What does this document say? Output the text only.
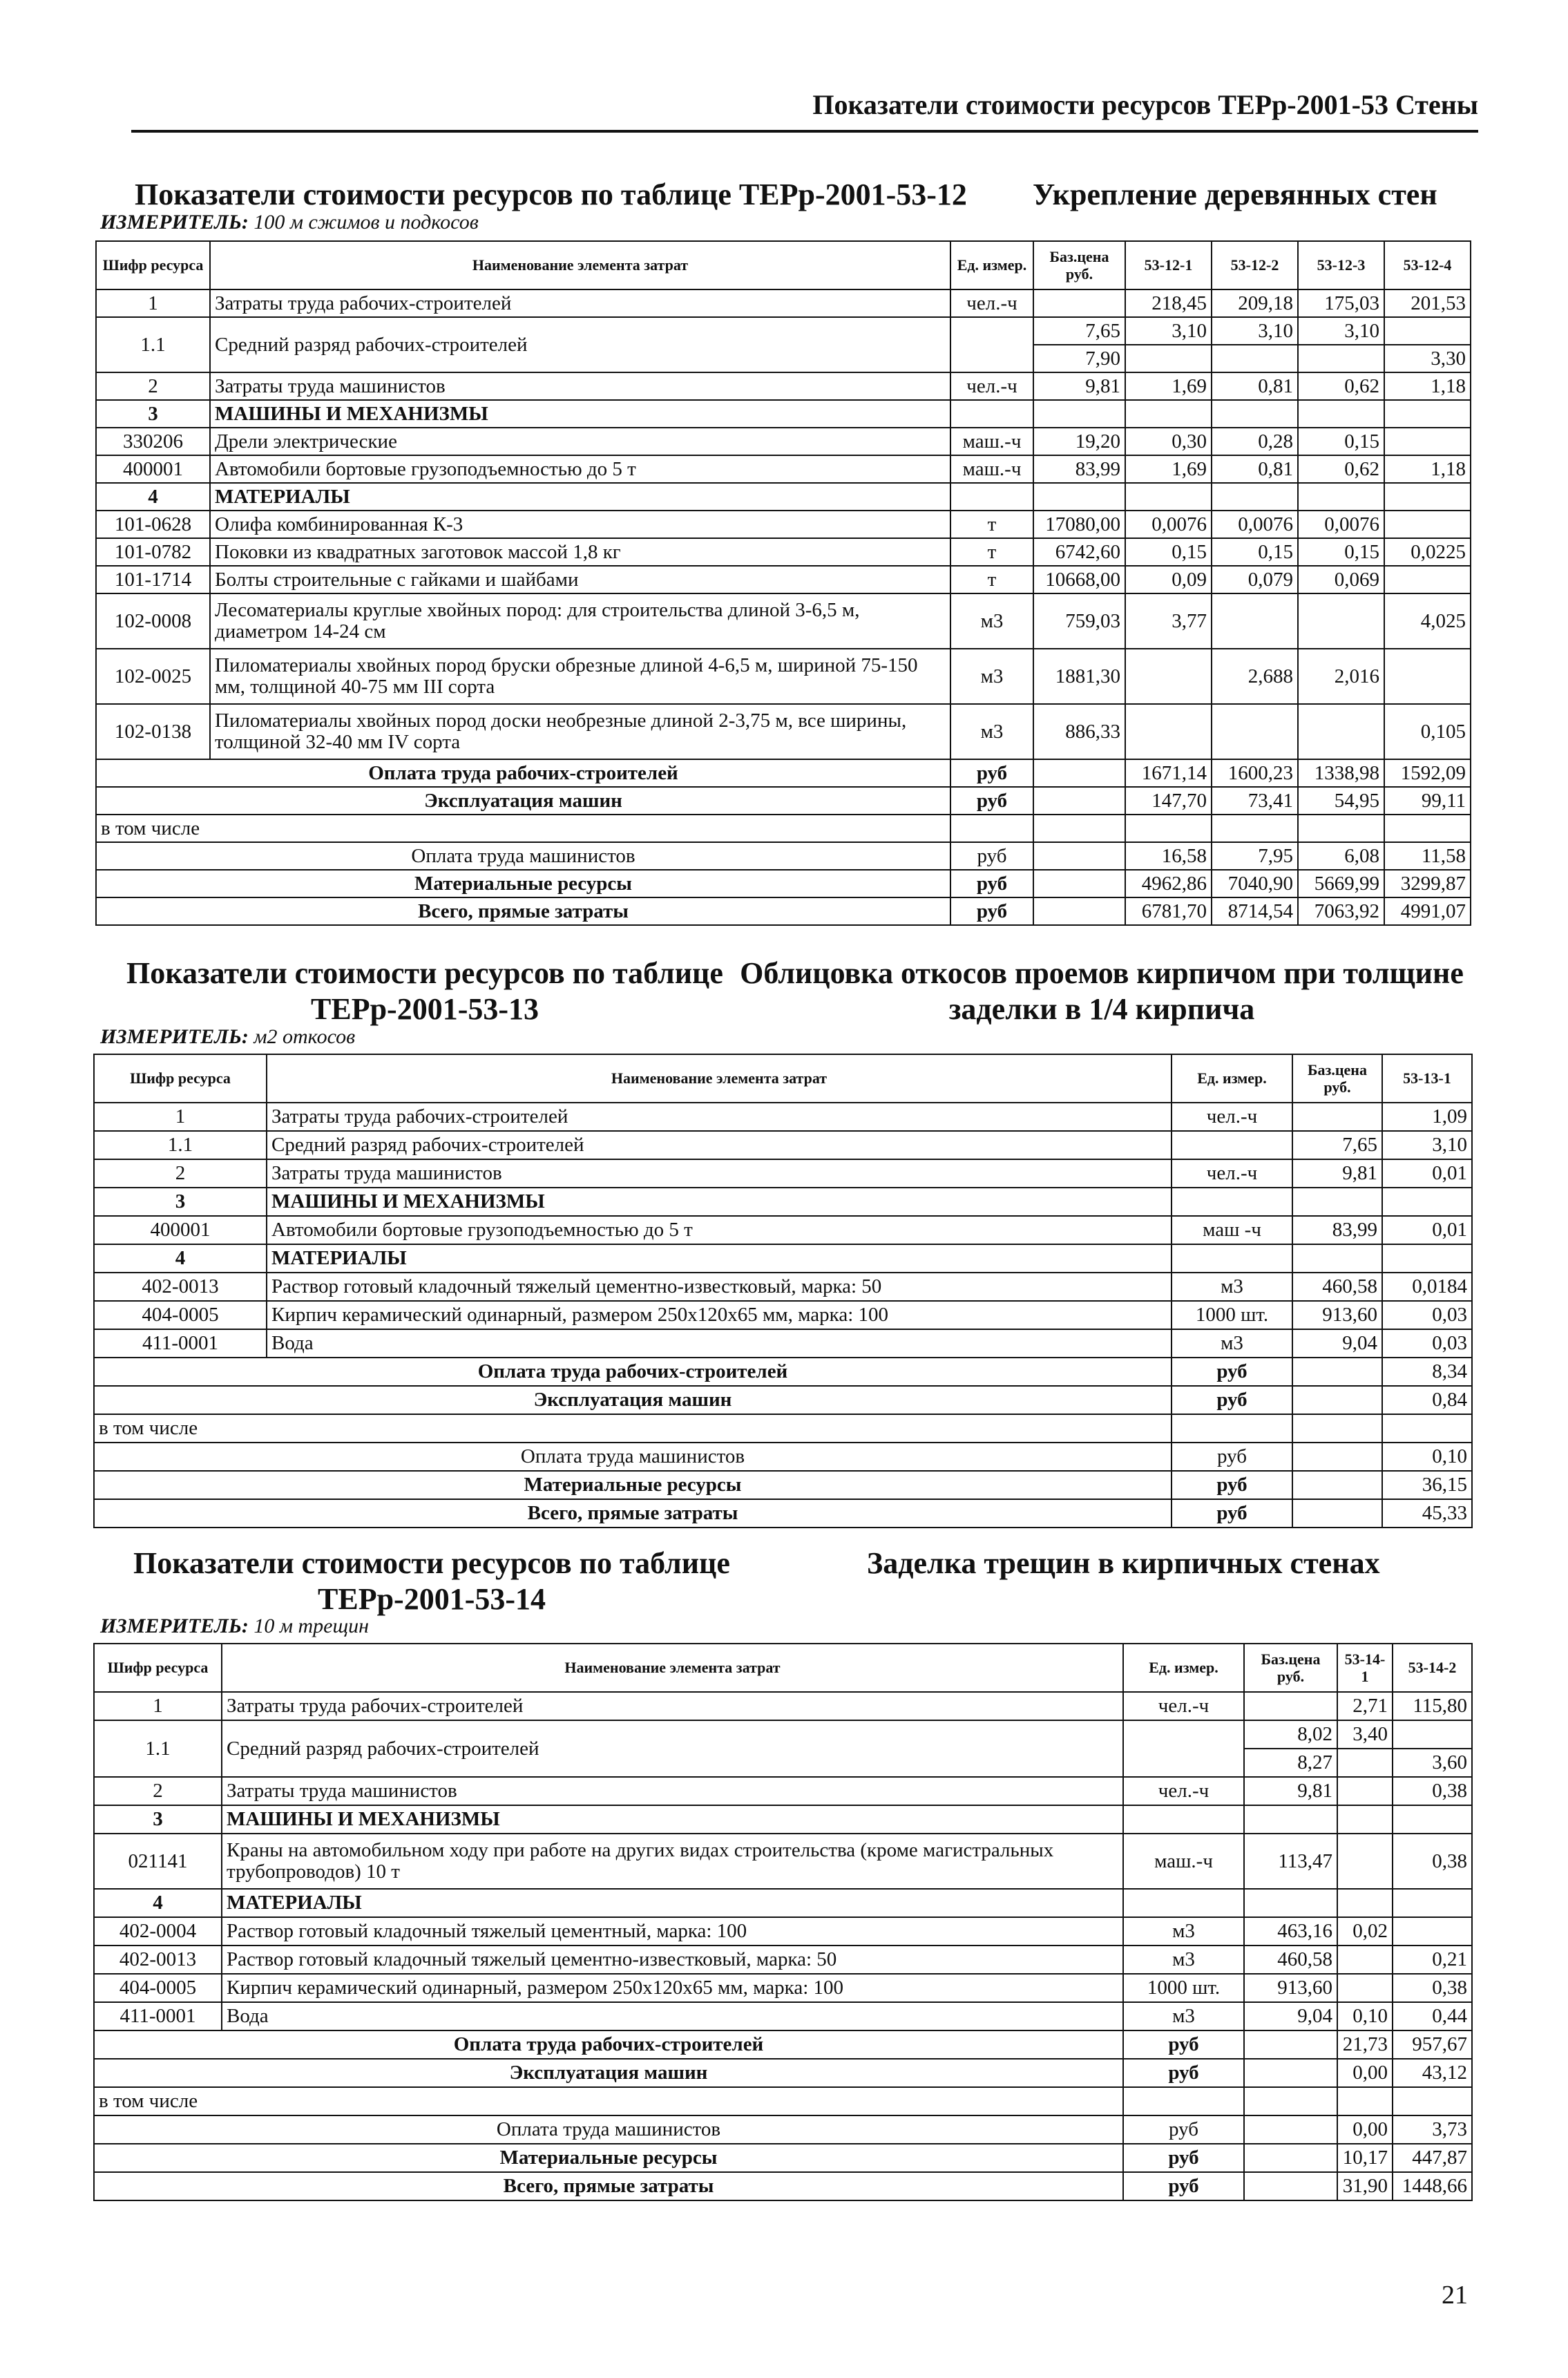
Показатели стоимости ресурсов ТЕРр-2001-53 Стены
Показатели стоимости ресурсов по таблице ТЕРр-2001-53-12 Укрепление деревянных стен
ИЗМЕРИТЕЛЬ: 100 м сжимов и подкосов
Шифр ресурса	Наименование элемента затрат	Ед. измер.	Баз.цена руб.	53-12-1	53-12-2	53-12-3	53-12-4
1	Затраты труда рабочих-строителей	чел.-ч		218,45	209,18	175,03	201,53
1.1	Средний разряд рабочих-строителей		7,65	3,10	3,10	3,10	
			7,90				3,30
2	Затраты труда машинистов	чел.-ч	9,81	1,69	0,81	0,62	1,18
3	МАШИНЫ И МЕХАНИЗМЫ						
330206	Дрели электрические	маш.-ч	19,20	0,30	0,28	0,15	
400001	Автомобили бортовые грузоподъемностью до 5 т	маш.-ч	83,99	1,69	0,81	0,62	1,18
4	МАТЕРИАЛЫ						
101-0628	Олифа комбинированная К-3	т	17080,00	0,0076	0,0076	0,0076	
101-0782	Поковки из квадратных заготовок массой 1,8 кг	т	6742,60	0,15	0,15	0,15	0,0225
101-1714	Болты строительные с гайками и шайбами	т	10668,00	0,09	0,079	0,069	
102-0008	Лесоматериалы круглые хвойных пород: для строительства длиной 3-6,5 м, диаметром 14-24 см	м3	759,03	3,77			4,025
102-0025	Пиломатериалы хвойных пород бруски обрезные длиной 4-6,5 м, шириной 75-150 мм, толщиной 40-75 мм III сорта	м3	1881,30		2,688	2,016	
102-0138	Пиломатериалы хвойных пород доски необрезные длиной 2-3,75 м, все ширины, толщиной 32-40 мм IV сорта	м3	886,33				0,105
Оплата труда рабочих-строителей		руб		1671,14	1600,23	1338,98	1592,09
Эксплуатация машин		руб		147,70	73,41	54,95	99,11
в том числе							
Оплата труда машинистов		руб		16,58	7,95	6,08	11,58
Материальные ресурсы		руб		4962,86	7040,90	5669,99	3299,87
Всего, прямые затраты		руб		6781,70	8714,54	7063,92	4991,07
Показатели стоимости ресурсов по таблице
ТЕРр-2001-53-13
Облицовка откосов проемов кирпичом при толщине
заделки в 1/4 кирпича
ИЗМЕРИТЕЛЬ: м2 откосов
Шифр ресурса	Наименование элемента затрат	Ед. измер.	Баз.цена руб.	53-13-1
1	Затраты труда рабочих-строителей	чел.-ч		1,09
1.1	Средний разряд рабочих-строителей		7,65	3,10
2	Затраты труда машинистов	чел.-ч	9,81	0,01
3	МАШИНЫ И МЕХАНИЗМЫ			
400001	Автомобили бортовые грузоподъемностью до 5 т	маш -ч	83,99	0,01
4	МАТЕРИАЛЫ			
402-0013	Раствор готовый кладочный тяжелый цементно-известковый, марка: 50	м3	460,58	0,0184
404-0005	Кирпич керамический одинарный, размером 250х120х65 мм, марка: 100	1000 шт.	913,60	0,03
411-0001	Вода	м3	9,04	0,03
Оплата труда рабочих-строителей		руб		8,34
Эксплуатация машин		руб		0,84
в том числе				
Оплата труда машинистов		руб		0,10
Материальные ресурсы		руб		36,15
Всего, прямые затраты		руб		45,33
Показатели стоимости ресурсов по таблице
ТЕРр-2001-53-14
Заделка трещин в кирпичных стенах
ИЗМЕРИТЕЛЬ: 10 м трещин
Шифр ресурса	Наименование элемента затрат	Ед. измер.	Баз.цена руб.	53-14-1	53-14-2
1	Затраты труда рабочих-строителей	чел.-ч		2,71	115,80
1.1	Средний разряд рабочих-строителей		8,02	3,40	
			8,27		3,60
2	Затраты труда машинистов	чел.-ч	9,81		0,38
3	МАШИНЫ И МЕХАНИЗМЫ				
021141	Краны на автомобильном ходу при работе на других видах строительства (кроме магистральных трубопроводов) 10 т	маш.-ч	113,47		0,38
4	МАТЕРИАЛЫ				
402-0004	Раствор готовый кладочный тяжелый цементный, марка: 100	м3	463,16	0,02	
402-0013	Раствор готовый кладочный тяжелый цементно-известковый, марка: 50	м3	460,58		0,21
404-0005	Кирпич керамический одинарный, размером 250х120х65 мм, марка: 100	1000 шт.	913,60		0,38
411-0001	Вода	м3	9,04	0,10	0,44
Оплата труда рабочих-строителей		руб		21,73	957,67
Эксплуатация машин		руб		0,00	43,12
в том числе					
Оплата труда машинистов		руб		0,00	3,73
Материальные ресурсы		руб		10,17	447,87
Всего, прямые затраты		руб		31,90	1448,66
21
